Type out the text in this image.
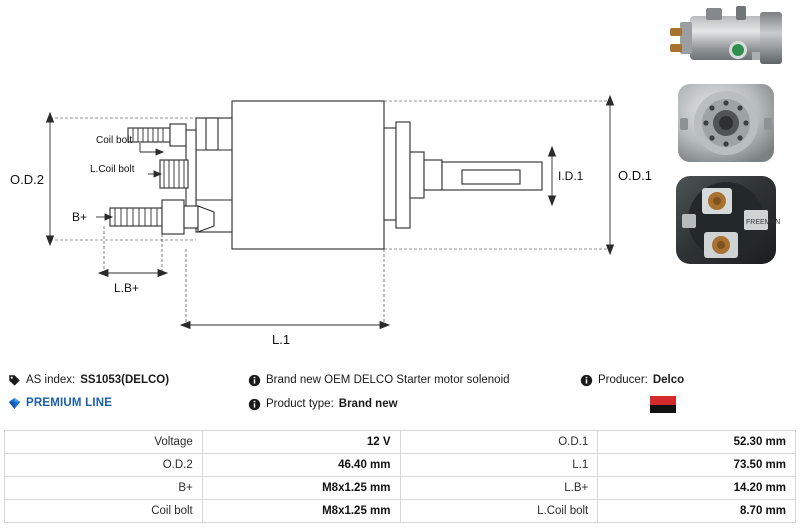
O.D.2	O.D.1
I.D.1
L.1
L.B+
B+
Coil bolt
L.Coil bolt
FREEMAN
AS index: SS1053(DELCO)
PREMIUM LINE
Brand new OEM DELCO Starter motor solenoid
Product type: Brand new
Producer: Delco
Voltage	12 V	O.D.1	52.30 mm
O.D.2	46.40 mm	L.1	73.50 mm
B+	M8x1.25 mm	L.B+	14.20 mm
Coil bolt	M8x1.25 mm	L.Coil bolt	8.70 mm
